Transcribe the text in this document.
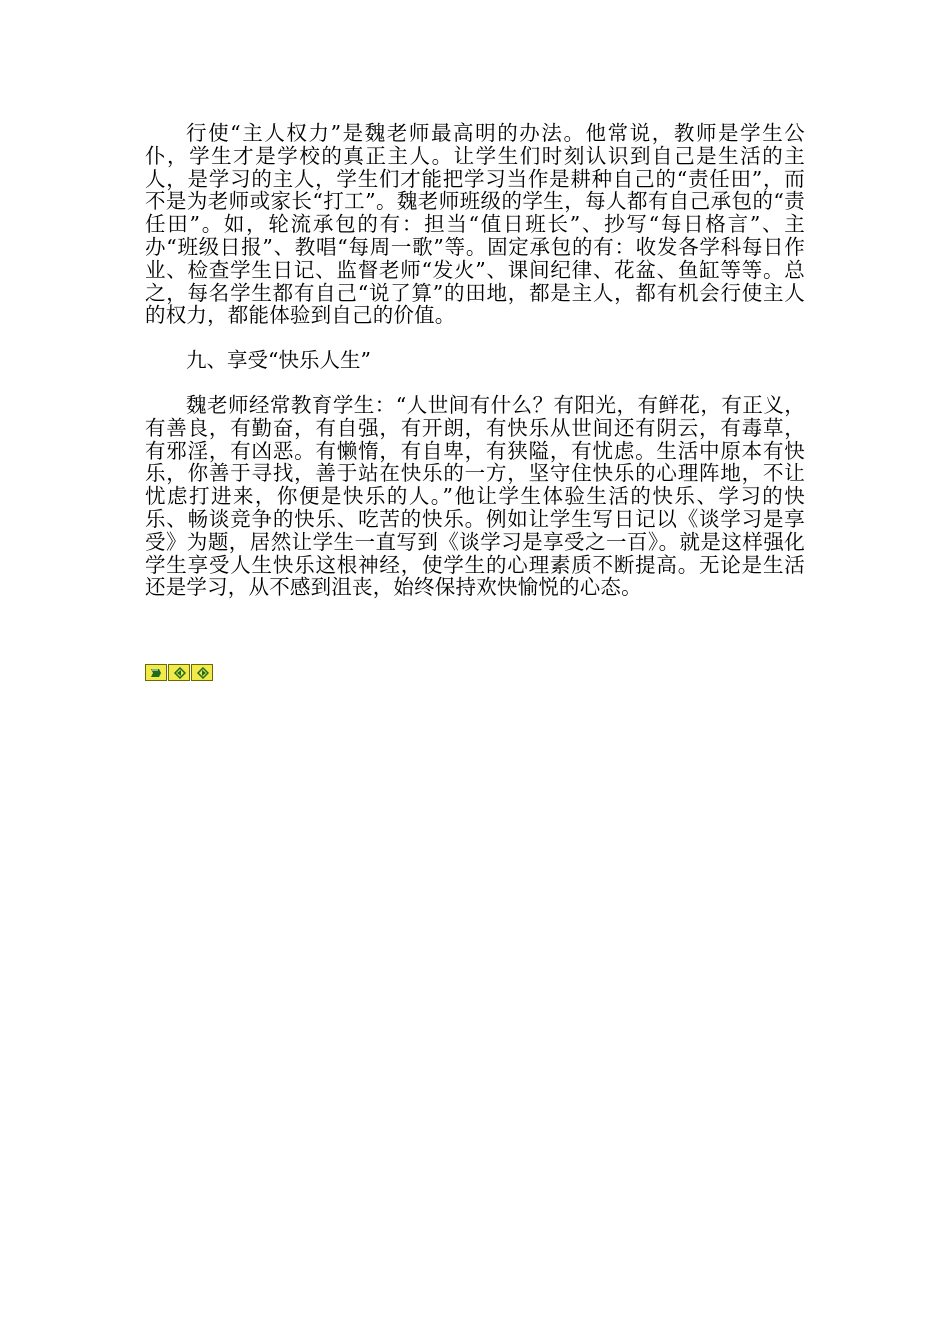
行使“主人权力”是魏老师最高明的办法。他常说，教师是学生公仆，学生才是学校的真正主人。让学生们时刻认识到自己是生活的主人，是学习的主人，学生们才能把学习当作是耕种自己的“责任田”，而不是为老师或家长“打工”。魏老师班级的学生，每人都有自己承包的“责任田”。如，轮流承包的有：担当“值日班长”、抄写“每日格言”、主办“班级日报”、教唱“每周一歌”等。固定承包的有：收发各学科每日作业、检查学生日记、监督老师“发火”、课间纪律、花盆、鱼缸等等。总之，每名学生都有自己“说了算”的田地，都是主人，都有机会行使主人的权力，都能体验到自己的价值。

九、享受“快乐人生”

魏老师经常教育学生：“人世间有什么？有阳光，有鲜花，有正义，有善良，有勤奋，有自强，有开朗，有快乐从世间还有阴云，有毒草，有邪淫，有凶恶。有懒惰，有自卑，有狭隘，有忧虑。生活中原本有快乐，你善于寻找，善于站在快乐的一方，坚守住快乐的心理阵地，不让忧虑打进来，你便是快乐的人。”他让学生体验生活的快乐、学习的快乐、畅谈竞争的快乐、吃苦的快乐。例如让学生写日记以《谈学习是享受》为题，居然让学生一直写到《谈学习是享受之一百》。就是这样强化学生享受人生快乐这根神经，使学生的心理素质不断提高。无论是生活还是学习，从不感到沮丧，始终保持欢快愉悦的心态。
